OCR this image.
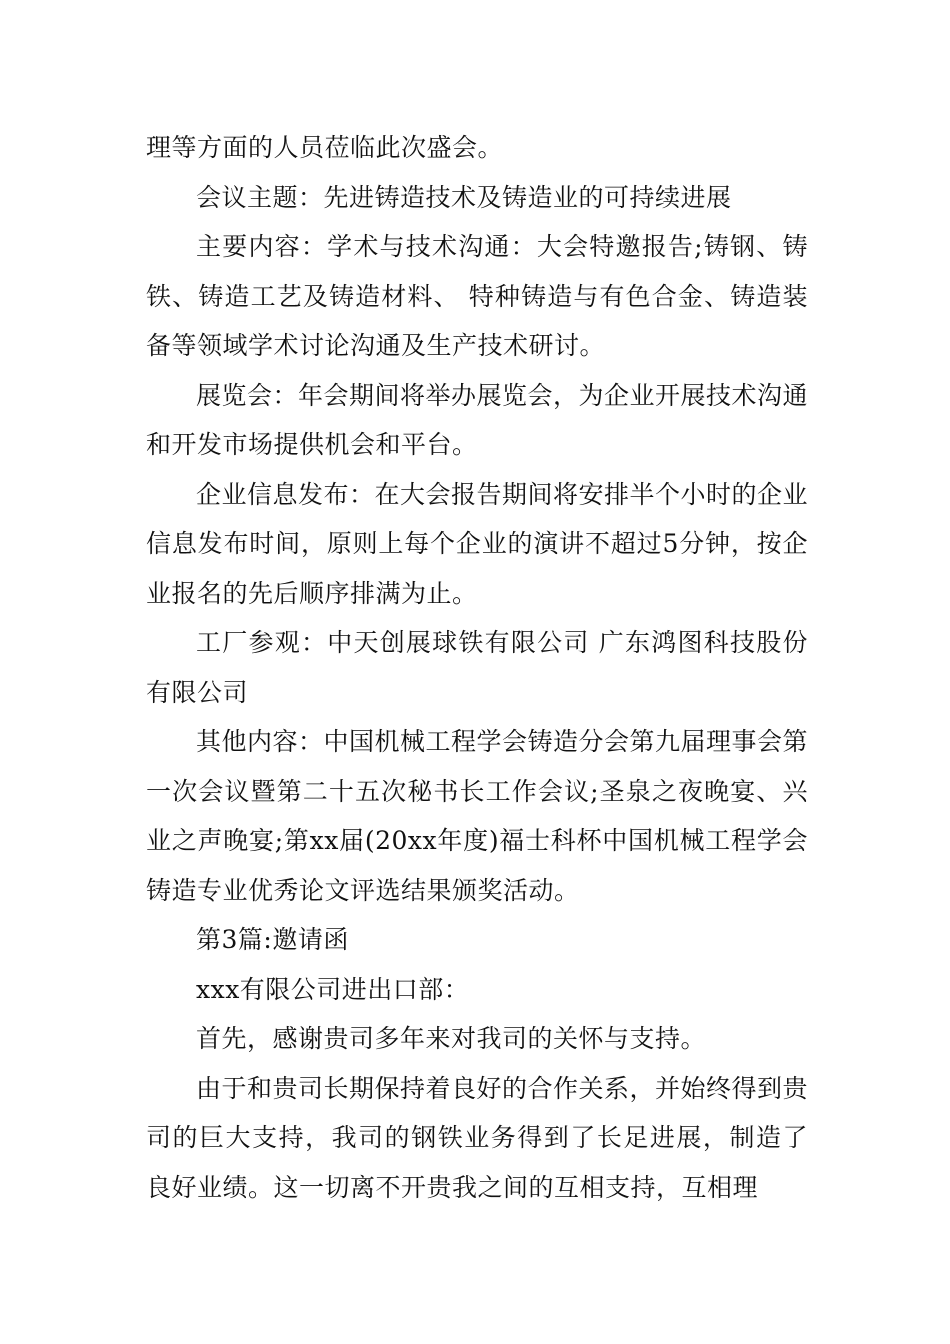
理等方面的人员莅临此次盛会。

会议主题：先进铸造技术及铸造业的可持续进展

主要内容：学术与技术沟通：大会特邀报告;铸钢、铸铁、铸造工艺及铸造材料、 特种铸造与有色合金、铸造装备等领域学术讨论沟通及生产技术研讨。

展览会：年会期间将举办展览会，为企业开展技术沟通和开发市场提供机会和平台。

企业信息发布：在大会报告期间将安排半个小时的企业信息发布时间，原则上每个企业的演讲不超过5分钟，按企业报名的先后顺序排满为止。

工厂参观：中天创展球铁有限公司 广东鸿图科技股份有限公司

其他内容：中国机械工程学会铸造分会第九届理事会第一次会议暨第二十五次秘书长工作会议;圣泉之夜晚宴、兴业之声晚宴;第xx届(20xx年度)福士科杯中国机械工程学会铸造专业优秀论文评选结果颁奖活动。

第3篇:邀请函

xxx有限公司进出口部：

首先，感谢贵司多年来对我司的关怀与支持。

由于和贵司长期保持着良好的合作关系，并始终得到贵司的巨大支持，我司的钢铁业务得到了长足进展，制造了良好业绩。这一切离不开贵我之间的互相支持，互相理
